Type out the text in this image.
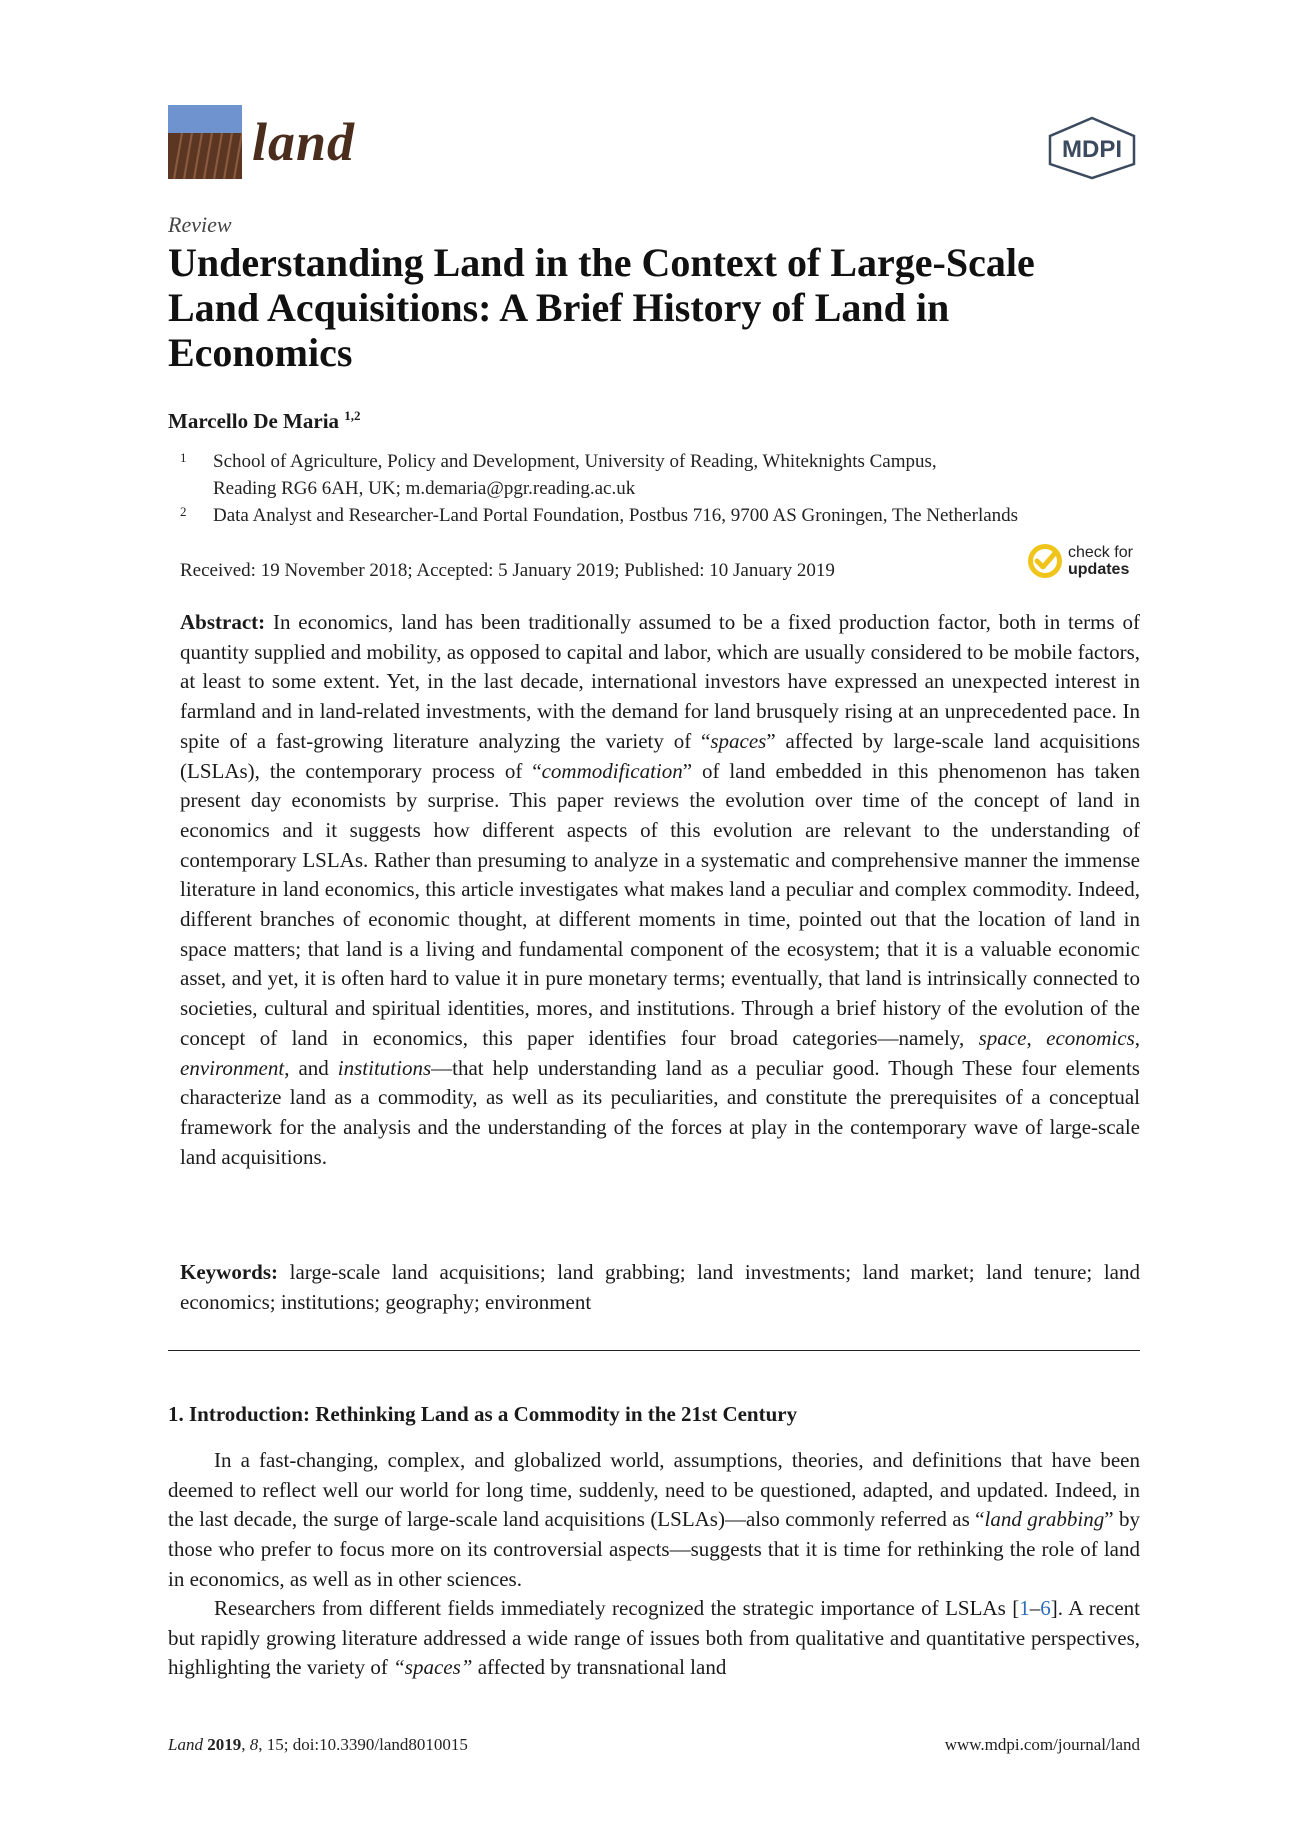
land	MDPI
Review
Understanding Land in the Context of Large-Scale Land Acquisitions: A Brief History of Land in Economics
Marcello De Maria $^{1,2}$
1 School of Agriculture, Policy and Development, University of Reading, Whiteknights Campus,
Reading RG6 6AH, UK; m.demaria@pgr.reading.ac.uk
2 Data Analyst and Researcher-Land Portal Foundation, Postbus 716, 9700 AS Groningen, The Netherlands
Received: 19 November 2018; Accepted: 5 January 2019; Published: 10 January 2019
check for
updates

Abstract: In economics, land has been traditionally assumed to be a fixed production factor, both in terms of quantity supplied and mobility, as opposed to capital and labor, which are usually considered to be mobile factors, at least to some extent. Yet, in the last decade, international investors have expressed an unexpected interest in farmland and in land-related investments, with the demand for land brusquely rising at an unprecedented pace. In spite of a fast-growing literature analyzing the variety of “spaces” affected by large-scale land acquisitions (LSLAs), the contemporary process of “commodification” of land embedded in this phenomenon has taken present day economists by surprise. This paper reviews the evolution over time of the concept of land in economics and it suggests how different aspects of this evolution are relevant to the understanding of contemporary LSLAs. Rather than presuming to analyze in a systematic and comprehensive manner the immense literature in land economics, this article investigates what makes land a peculiar and complex commodity. Indeed, different branches of economic thought, at different moments in time, pointed out that the location of land in space matters; that land is a living and fundamental component of the ecosystem; that it is a valuable economic asset, and yet, it is often hard to value it in pure monetary terms; eventually, that land is intrinsically connected to societies, cultural and spiritual identities, mores, and institutions. Through a brief history of the evolution of the concept of land in economics, this paper identifies four broad categories—namely, space, economics, environment, and institutions—that help understanding land as a peculiar good. Though These four elements characterize land as a commodity, as well as its peculiarities, and constitute the prerequisites of a conceptual framework for the analysis and the understanding of the forces at play in the contemporary wave of large-scale land acquisitions.

Keywords: large-scale land acquisitions; land grabbing; land investments; land market; land tenure; land economics; institutions; geography; environment

1. Introduction: Rethinking Land as a Commodity in the 21st Century

In a fast-changing, complex, and globalized world, assumptions, theories, and definitions that have been deemed to reflect well our world for long time, suddenly, need to be questioned, adapted, and updated. Indeed, in the last decade, the surge of large-scale land acquisitions (LSLAs)—also commonly referred as “land grabbing” by those who prefer to focus more on its controversial aspects—suggests that it is time for rethinking the role of land in economics, as well as in other sciences.

Researchers from different fields immediately recognized the strategic importance of LSLAs [1–6]. A recent but rapidly growing literature addressed a wide range of issues both from qualitative and quantitative perspectives, highlighting the variety of “spaces” affected by transnational land

Land 2019, 8, 15; doi:10.3390/land8010015	www.mdpi.com/journal/land
